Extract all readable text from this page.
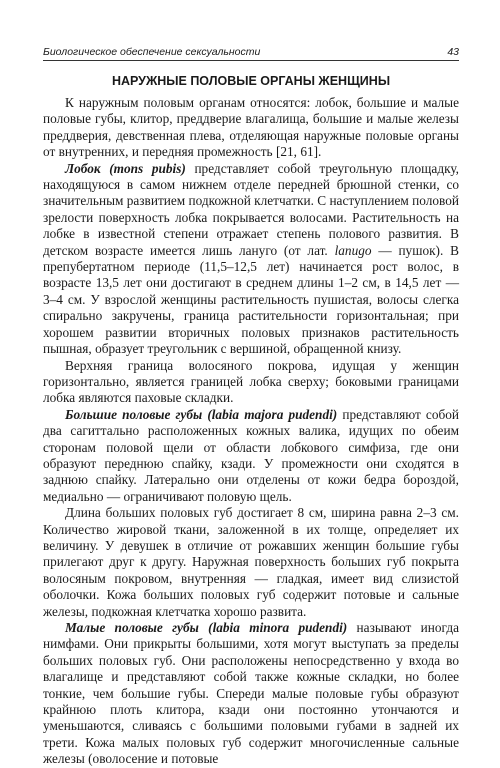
Биологическое обеспечение сексуальности	43
НАРУЖНЫЕ ПОЛОВЫЕ ОРГАНЫ ЖЕНЩИНЫ

К наружным половым органам относятся: лобок, большие и малые половые губы, клитор, преддверие влагалища, большие и малые железы преддверия, девственная плева, отделяющая наружные половые органы от внутренних, и передняя промежность [21, 61].

Лобок (mons pubis) представляет собой треугольную площадку, находящуюся в самом нижнем отделе передней брюшной стенки, со значительным развитием подкожной клетчатки. С наступлением половой зрелости поверхность лобка покрывается волосами. Растительность на лобке в известной степени отражает степень полового развития. В детском возрасте имеется лишь лануго (от лат. lanugo — пушок). В препубертатном периоде (11,5–12,5 лет) начинается рост волос, в возрасте 13,5 лет они достигают в среднем длины 1–2 см, в 14,5 лет — 3–4 см. У взрослой женщины растительность пушистая, волосы слегка спирально закручены, граница растительности горизонтальная; при хорошем развитии вторичных половых признаков растительность пышная, образует треугольник с вершиной, обращенной книзу.

Верхняя граница волосяного покрова, идущая у женщин горизонтально, является границей лобка сверху; боковыми границами лобка являются паховые складки.

Большие половые губы (labia majora pudendi) представляют собой два сагиттально расположенных кожных валика, идущих по обеим сторонам половой щели от области лобкового симфиза, где они образуют переднюю спайку, кзади. У промежности они сходятся в заднюю спайку. Латерально они отделены от кожи бедра бороздой, медиально — ограничивают половую щель.

Длина больших половых губ достигает 8 см, ширина равна 2–3 см. Количество жировой ткани, заложенной в их толще, определяет их величину. У девушек в отличие от рожавших женщин большие губы прилегают друг к другу. Наружная поверхность больших губ покрыта волосяным покровом, внутренняя — гладкая, имеет вид слизистой оболочки. Кожа больших половых губ содержит потовые и сальные железы, подкожная клетчатка хорошо развита.

Малые половые губы (labia minora pudendi) называют иногда нимфами. Они прикрыты большими, хотя могут выступать за пределы больших половых губ. Они расположены непосредственно у входа во влагалище и представляют собой также кожные складки, но более тонкие, чем большие губы. Спереди малые половые губы образуют крайнюю плоть клитора, кзади они постоянно утончаются и уменьшаются, сливаясь с большими половыми губами в задней их трети. Кожа малых половых губ содержит многочисленные сальные железы (оволосение и потовые
